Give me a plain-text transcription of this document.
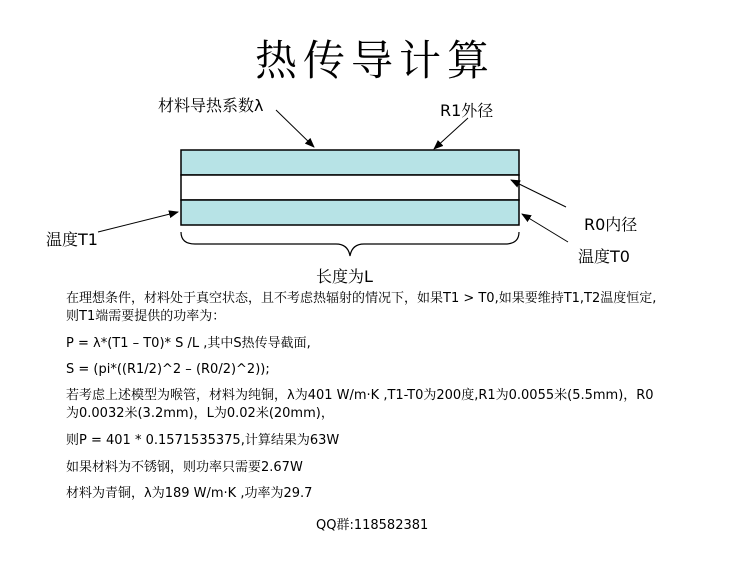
热传导计算
材料导热系数λ	R1外径
R0内径
温度T1
温度T0
长度为L
在理想条件，材料处于真空状态，且不考虑热辐射的情况下，如果T1 > T0,如果要维持T1,T2温度恒定,
则T1端需要提供的功率为：
P = λ*(T1 – T0)* S /L ,其中S热传导截面,
S = (pi*((R1/2)^2 – (R0/2)^2));
若考虑上述模型为喉管，材料为纯铜，λ为401 W/m·K ,T1-T0为200度,R1为0.0055米(5.5mm)，R0
为0.0032米(3.2mm)，L为0.02米(20mm)，
则P = 401 * 0.1571535375,计算结果为63W
如果材料为不锈钢，则功率只需要2.67W
材料为青铜，λ为189 W/m·K ,功率为29.7
QQ群:118582381
